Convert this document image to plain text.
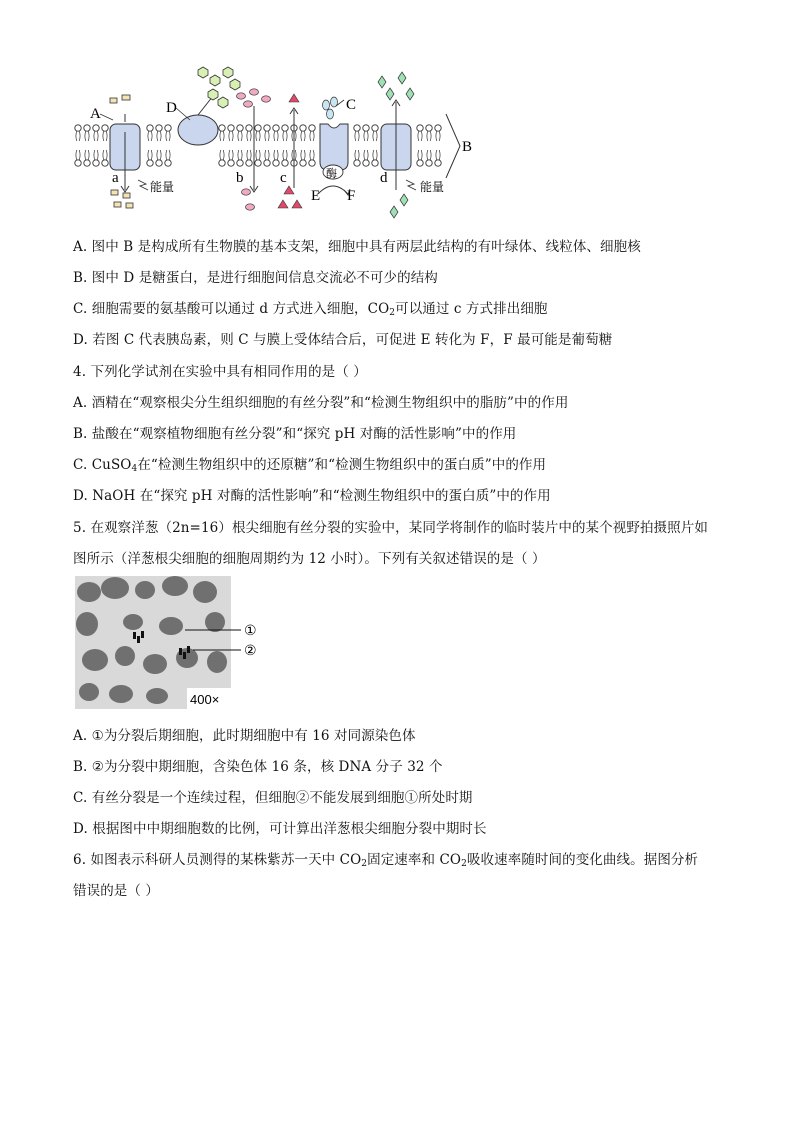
B
A
a
能量
D
b c
C
酶
E F
d
能量
A. 图中 B 是构成所有生物膜的基本支架，细胞中具有两层此结构的有叶绿体、线粒体、细胞核
B. 图中 D 是糖蛋白，是进行细胞间信息交流必不可少的结构
C. 细胞需要的氨基酸可以通过 d 方式进入细胞，$CO_2$可以通过 c 方式排出细胞
D. 若图 C 代表胰岛素，则 C 与膜上受体结合后，可促进 E 转化为 F，F 最可能是葡萄糖
4. 下列化学试剂在实验中具有相同作用的是（ ）
A. 酒精在“观察根尖分生组织细胞的有丝分裂”和“检测生物组织中的脂肪”中的作用
B. 盐酸在“观察植物细胞有丝分裂”和“探究 pH 对酶的活性影响”中的作用
C. CuSO$_4$在“检测生物组织中的还原糖”和“检测生物组织中的蛋白质”中的作用
D. NaOH 在“探究 pH 对酶的活性影响”和“检测生物组织中的蛋白质”中的作用
5. 在观察洋葱（2n=16）根尖细胞有丝分裂的实验中，某同学将制作的临时装片中的某个视野拍摄照片如
图所示（洋葱根尖细胞的细胞周期约为 12 小时）。下列有关叙述错误的是（ ）
①
②
400×
A. ①为分裂后期细胞，此时期细胞中有 16 对同源染色体
B. ②为分裂中期细胞，含染色体 16 条，核 DNA 分子 32 个
C. 有丝分裂是一个连续过程，但细胞②不能发展到细胞①所处时期
D. 根据图中中期细胞数的比例，可计算出洋葱根尖细胞分裂中期时长
6. 如图表示科研人员测得的某株紫苏一天中 $CO_2$固定速率和 $CO_2$吸收速率随时间的变化曲线。据图分析
错误的是（ ）
